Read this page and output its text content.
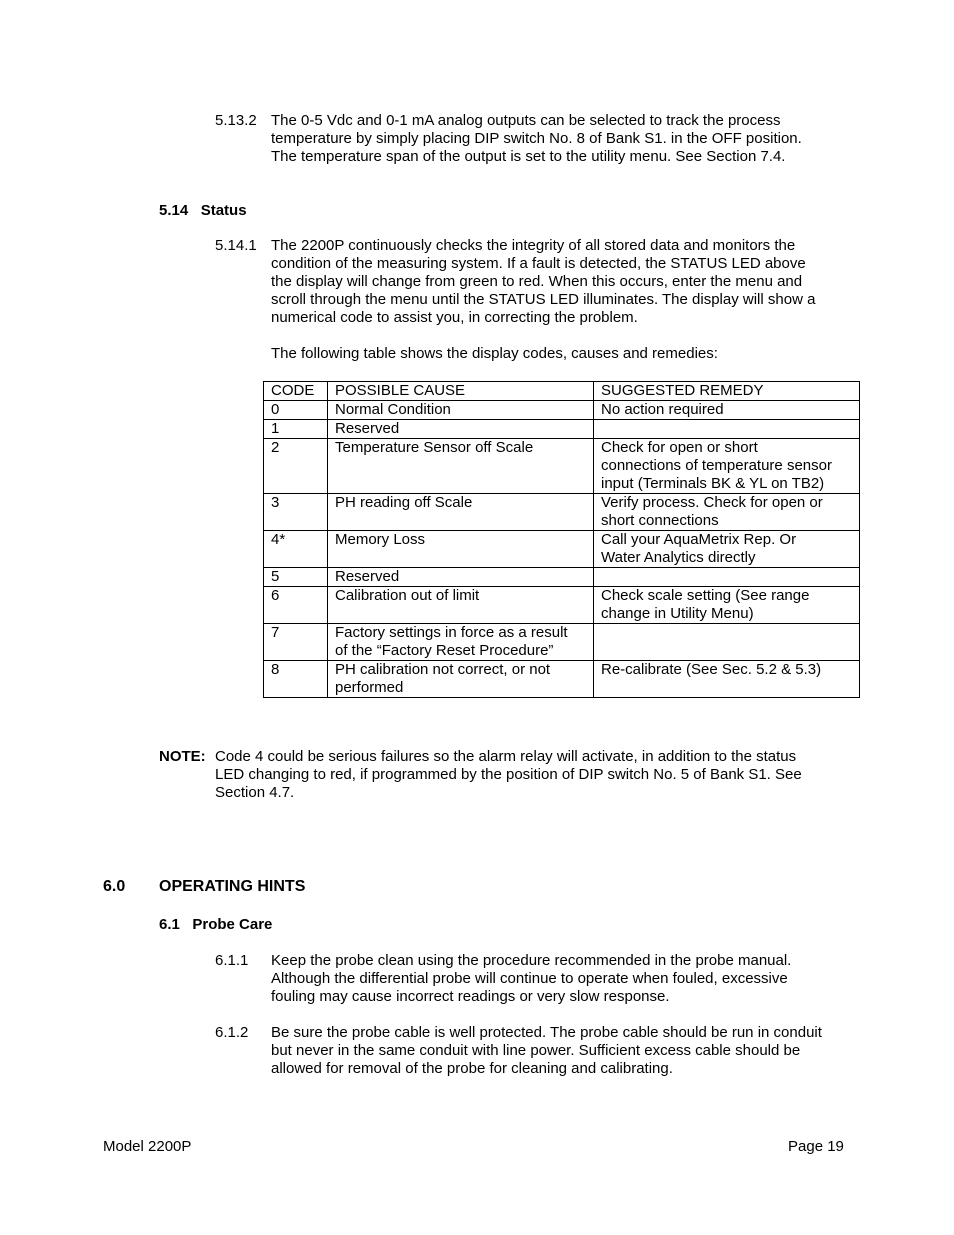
5.13.2 The 0-5 Vdc and 0-1 mA analog outputs can be selected to track the process

temperature by simply placing DIP switch No. 8 of Bank S1. in the OFF position.

The temperature span of the output is set to the utility menu. See Section 7.4.

5.14   Status
5.14.1 The 2200P continuously checks the integrity of all stored data and monitors the

condition of the measuring system. If a fault is detected, the STATUS LED above

the display will change from green to red. When this occurs, enter the menu and

scroll through the menu until the STATUS LED illuminates. The display will show a

numerical code to assist you, in correcting the problem.

The following table shows the display codes, causes and remedies:
CODE	POSSIBLE CAUSE	SUGGESTED REMEDY
0	Normal Condition	No action required

1	Reserved	

2	Temperature Sensor off Scale	Check for open or short
connections of temperature sensor
input (Terminals BK & YL on TB2)

3	PH reading off Scale	Verify process. Check for open or
short connections

4*	Memory Loss	Call your AquaMetrix Rep. Or
Water Analytics directly

5	Reserved	

6	Calibration out of limit	Check scale setting (See range
change in Utility Menu)

7	Factory settings in force as a result
of the “Factory Reset Procedure”	

8	PH calibration not correct, or not
performed	Re-calibrate (See Sec. 5.2 & 5.3)
NOTE: Code 4 could be serious failures so the alarm relay will activate, in addition to the status
LED changing to red, if programmed by the position of DIP switch No. 5 of Bank S1. See
Section 4.7.
6.0 OPERATING HINTS
6.1   Probe Care
6.1.1 Keep the probe clean using the procedure recommended in the probe manual.

Although the differential probe will continue to operate when fouled, excessive

fouling may cause incorrect readings or very slow response.

6.1.2 Be sure the probe cable is well protected. The probe cable should be run in conduit

but never in the same conduit with line power. Sufficient excess cable should be

allowed for removal of the probe for cleaning and calibrating.

Model 2200P	Page 19
